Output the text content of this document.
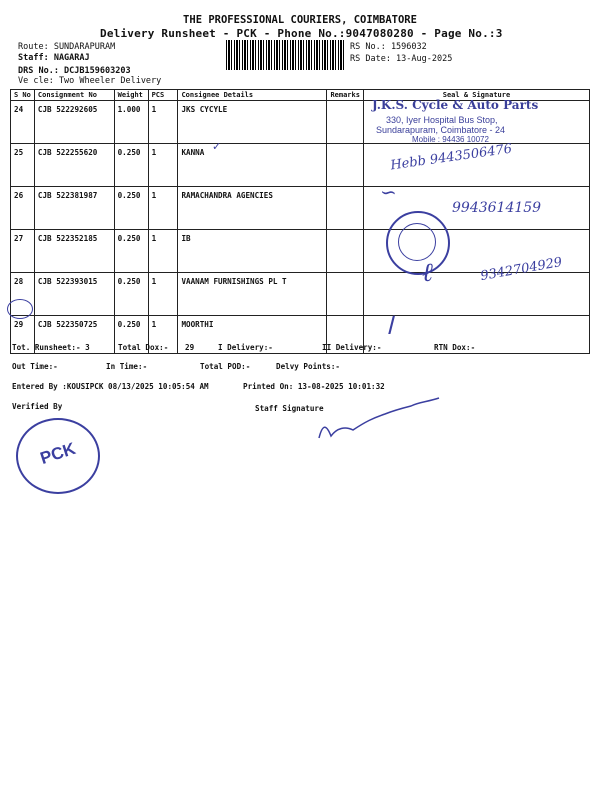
THE PROFESSIONAL COURIERS, COIMBATORE
Delivery Runsheet - PCK - Phone No.:9047080280 - Page No.:3
Route: SUNDARAPURAM
Staff: NAGARAJ
DRS No.: DCJB159603203
Ve cle: Two Wheeler Delivery
RS No.: 1596032
RS Date: 13-Aug-2025
S No	Consignment No	Weight	PCS	Consignee Details	Remarks	Seal & Signature
24	CJB 522292605	1.000	1	JKS CYCYLE		
25	CJB 522255620	0.250	1	KANNA		
26	CJB 522381987	0.250	1	RAMACHANDRA AGENCIES		
27	CJB 522352185	0.250	1	IB		
28	CJB 522393015	0.250	1	VAANAM FURNISHINGS PL T		
29	CJB 522350725	0.250	1	MOORTHI		
J.K.S. Cycle & Auto Parts
330, Iyer Hospital Bus Stop,
Sundarapuram, Coimbatore - 24
Mobile : 94436 10072
Hebb 9443506476
∽
9943614159
9342704929
ℓ
ا
✓
Tot. Runsheet:- 3	Total Dox:- 29	I Delivery:-	II Delivery:-	RTN Dox:-
Out Time:-	In Time:-	Total POD:-	Delvy Points:-
Entered By :KOUSIPCK 08/13/2025 10:05:54 AM	Printed On: 13-08-2025 10:01:32
Verified By	Staff Signature
PCK
